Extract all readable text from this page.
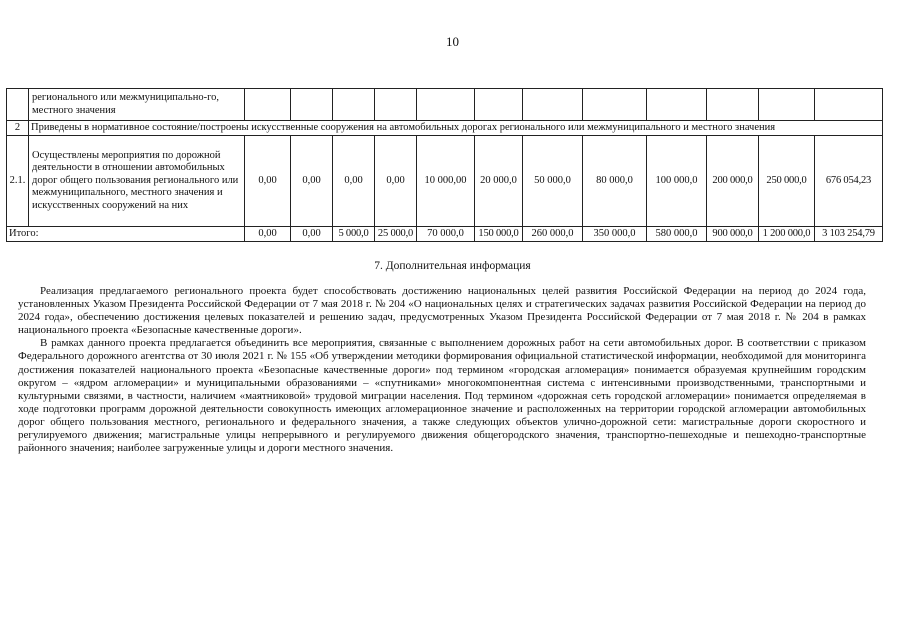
10
	регионального или межмуниципально-го, местного значения												
2	Приведены в нормативное состояние/построены искусственные сооружения на автомобильных дорогах регионального или межмуниципального и местного значения												
2.1.	Осуществлены мероприятия по дорожной деятельности в отношении автомобильных дорог общего пользования регионального или межмуниципального, местного значения и искусственных сооружений на них	0,00	0,00	0,00	0,00	10 000,00	20 000,0	50 000,0	80 000,0	100 000,0	200 000,0	250 000,0	676 054,23
Итого:		0,00	0,00	5 000,0	25 000,0	70 000,0	150 000,0	260 000,0	350 000,0	580 000,0	900 000,0	1 200 000,0	3 103 254,79
7. Дополнительная информация

Реализация предлагаемого регионального проекта будет способствовать достижению национальных целей развития Российской Федерации на период до 2024 года, установленных Указом Президента Российской Федерации от 7 мая 2018 г. № 204 «О национальных целях и стратегических задачах развития Российской Федерации на период до 2024 года», обеспечению достижения целевых показателей и решению задач, предусмотренных Указом Президента Российской Федерации от 7 мая 2018 г. № 204 в рамках национального проекта «Безопасные качественные дороги».

В рамках данного проекта предлагается объединить все мероприятия, связанные с выполнением дорожных работ на сети автомобильных дорог. В соответствии с приказом Федерального дорожного агентства от 30 июля 2021 г. № 155 «Об утверждении методики формирования официальной статистической информации, необходимой для мониторинга достижения показателей национального проекта «Безопасные качественные дороги» под термином «городская агломерация» понимается образуемая крупнейшим городским округом – «ядром агломерации» и муниципальными образованиями – «спутниками» многокомпонентная система с интенсивными производственными, транспортными и культурными связями, в частности, наличием «маятниковой» трудовой миграции населения. Под термином «дорожная сеть городской агломерации» понимается определяемая в ходе подготовки программ дорожной деятельности совокупность имеющих агломерационное значение и расположенных на территории городской агломерации автомобильных дорог общего пользования местного, регионального и федерального значения, а также следующих объектов улично-дорожной сети: магистральные дороги скоростного и регулируемого движения; магистральные улицы непрерывного и регулируемого движения общегородского значения, транспортно-пешеходные и пешеходно-транспортные районного значения; наиболее загруженные улицы и дороги местного значения.
